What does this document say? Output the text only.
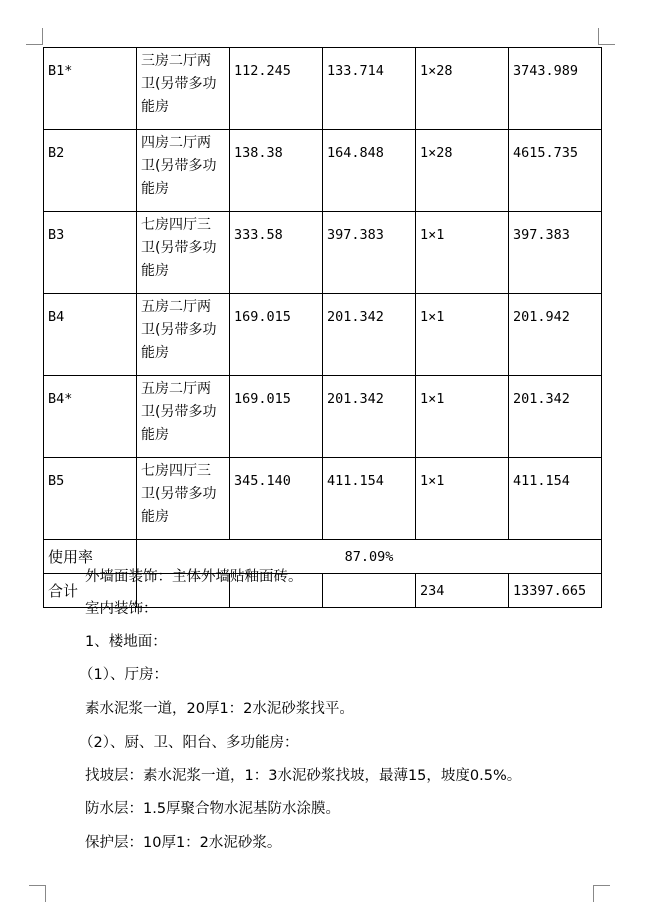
B1*	三房二厅两
卫(另带多功
能房	112.245	133.714	1×28	3743.989
B2	四房二厅两
卫(另带多功
能房	138.38	164.848	1×28	4615.735
B3	七房四厅三
卫(另带多功
能房	333.58	397.383	1×1	397.383
B4	五房二厅两
卫(另带多功
能房	169.015	201.342	1×1	201.942
B4*	五房二厅两
卫(另带多功
能房	169.015	201.342	1×1	201.342
B5	七房四厅三
卫(另带多功
能房	345.140	411.154	1×1	411.154
使用率	87.09%				
合计				234	13397.665
外墙面装饰：主体外墙贴釉面砖。
室内装饰：
1、楼地面：
（1）、厅房：
素水泥浆一道，20厚1：2水泥砂浆找平。
（2）、厨、卫、阳台、多功能房：
找坡层：素水泥浆一道，1：3水泥砂浆找坡，最薄15，坡度0.5%。
防水层：1.5厚聚合物水泥基防水涂膜。
保护层：10厚1：2水泥砂浆。
